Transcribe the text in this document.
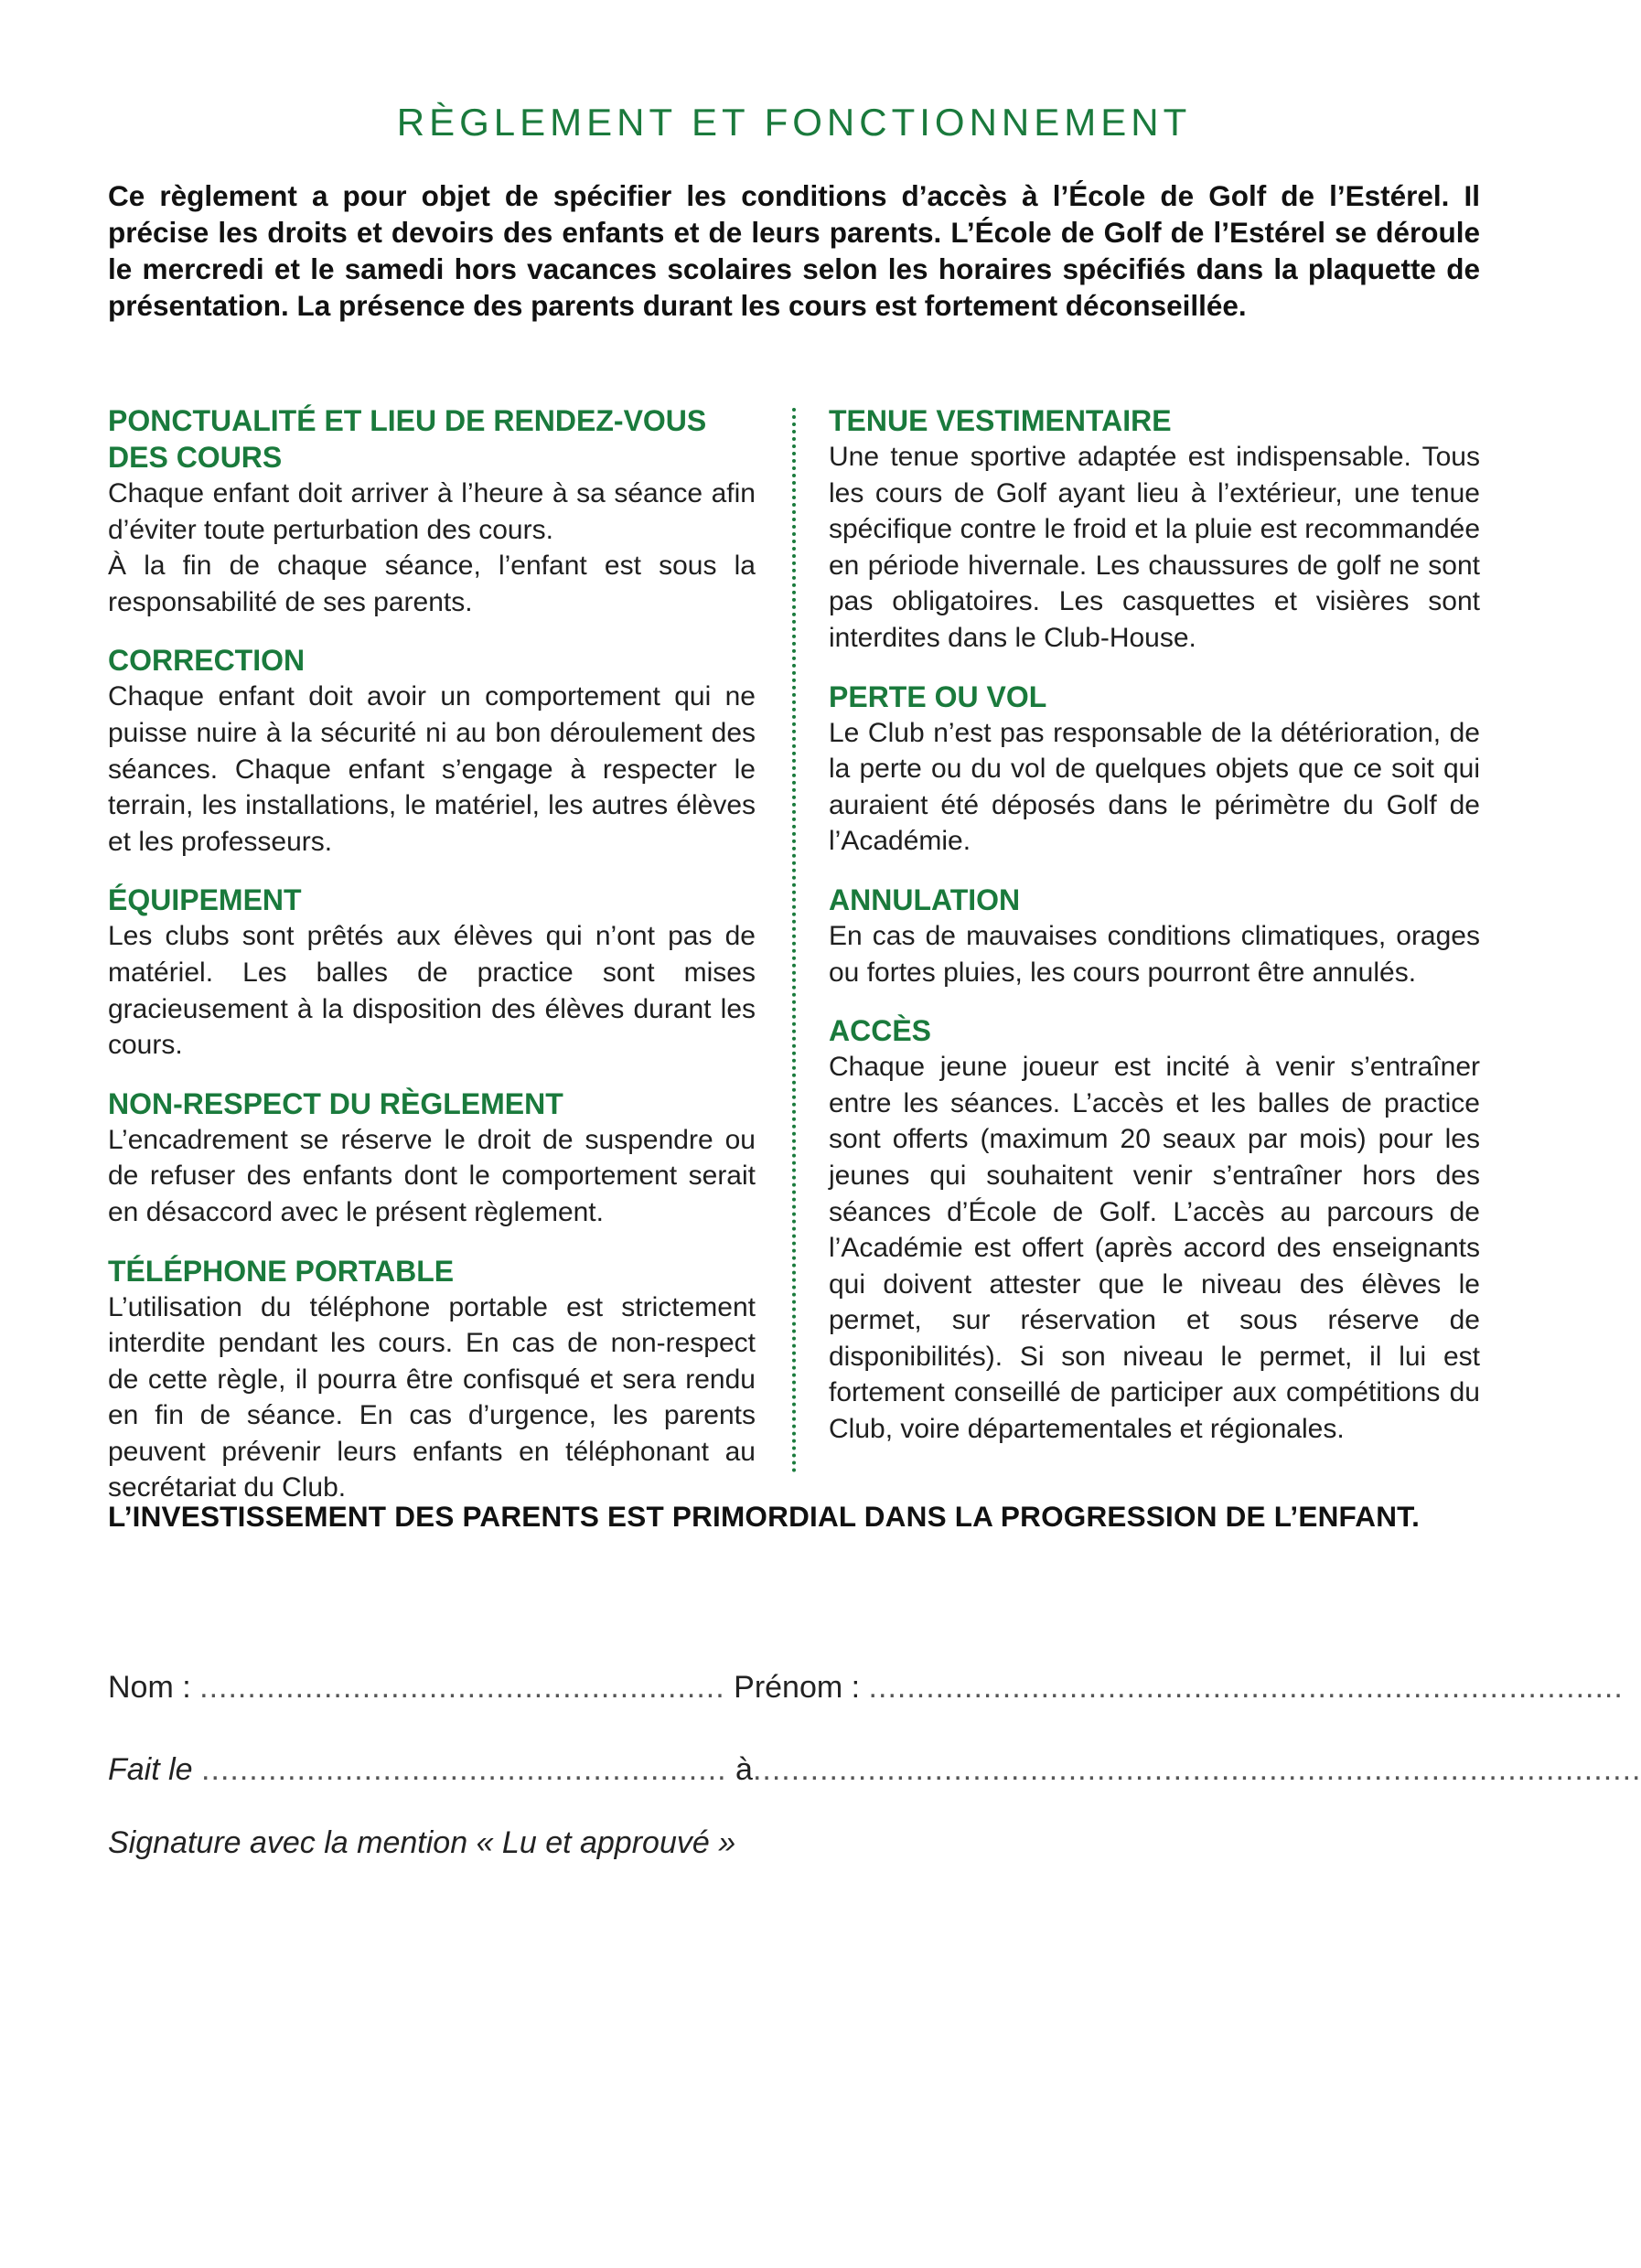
RÈGLEMENT ET FONCTIONNEMENT
Ce règlement a pour objet de spécifier les conditions d’accès à l’École de Golf de l’Estérel. Il précise les droits et devoirs des enfants et de leurs parents. L’École de Golf de l’Estérel se déroule le mercredi et le samedi hors vacances scolaires selon les horaires spécifiés dans la plaquette de présentation. La présence des parents durant les cours est fortement déconseillée.
PONCTUALITÉ ET LIEU DE RENDEZ-VOUS DES COURS

Chaque enfant doit arriver à l’heure à sa séance afin d’éviter toute perturbation des cours.

À la fin de chaque séance, l’enfant est sous la responsabilité de ses parents.

CORRECTION

Chaque enfant doit avoir un comportement qui ne puisse nuire à la sécurité ni au bon déroulement des séances. Chaque enfant s’engage à respecter le terrain, les installations, le matériel, les autres élèves et les professeurs.

ÉQUIPEMENT

Les clubs sont prêtés aux élèves qui n’ont pas de matériel. Les balles de practice sont mises gracieusement à la disposition des élèves durant les cours.

NON-RESPECT DU RÈGLEMENT

L’encadrement se réserve le droit de suspendre ou de refuser des enfants dont le comportement serait en désaccord avec le présent règlement.

TÉLÉPHONE PORTABLE

L’utilisation du téléphone portable est strictement interdite pendant les cours. En cas de non-respect de cette règle, il pourra être confisqué et sera rendu en fin de séance. En cas d’urgence, les parents peuvent prévenir leurs enfants en téléphonant au secrétariat du Club.

TENUE VESTIMENTAIRE

Une tenue sportive adaptée est indispensable. Tous les cours de Golf ayant lieu à l’extérieur, une tenue spécifique contre le froid et la pluie est recommandée en période hivernale. Les chaussures de golf ne sont pas obligatoires. Les casquettes et visières sont interdites dans le Club-House.

PERTE OU VOL

Le Club n’est pas responsable de la détérioration, de la perte ou du vol de quelques objets que ce soit qui auraient été déposés dans le périmètre du Golf de l’Académie.

ANNULATION

En cas de mauvaises conditions climatiques, orages ou fortes pluies, les cours pourront être annulés.

ACCÈS

Chaque jeune joueur est incité à venir s’entraîner entre les séances. L’accès et les balles de practice sont offerts (maximum 20 seaux par mois) pour les jeunes qui souhaitent venir s’entraîner hors des séances d’École de Golf. L’accès au parcours de l’Académie est offert (après accord des enseignants qui doivent attester que le niveau des élèves le permet, sur réservation et sous réserve de disponibilités). Si son niveau le permet, il lui est fortement conseillé de participer aux compétitions du Club, voire départementales et régionales.

L’INVESTISSEMENT DES PARENTS EST PRIMORDIAL DANS LA PROGRESSION DE L’ENFANT.
Nom : ....................................................... Prénom : ...............................................................................
Fait le ....................................................... à.............................................................................................
Signature avec la mention « Lu et approuvé »
